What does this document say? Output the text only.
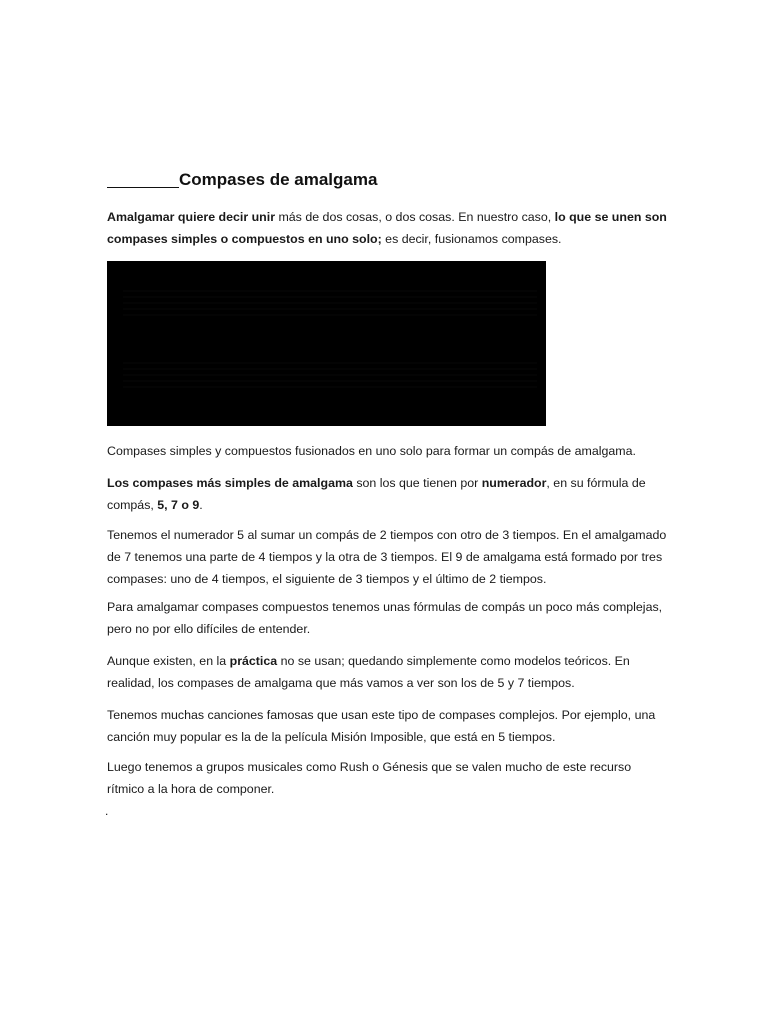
Compases de amalgama

Amalgamar quiere decir unir más de dos cosas, o dos cosas. En nuestro caso, lo que se unen son compases simples o compuestos en uno solo; es decir, fusionamos compases.

Compases simples y compuestos fusionados en uno solo para formar un compás de amalgama.

Los compases más simples de amalgama son los que tienen por numerador, en su fórmula de compás, 5, 7 o 9.

Tenemos el numerador 5 al sumar un compás de 2 tiempos con otro de 3 tiempos. En el amalgamado de 7 tenemos una parte de 4 tiempos y la otra de 3 tiempos. El 9 de amalgama está formado por tres compases: uno de 4 tiempos, el siguiente de 3 tiempos y el último de 2 tiempos.

Para amalgamar compases compuestos tenemos unas fórmulas de compás un poco más complejas, pero no por ello difíciles de entender.

Aunque existen, en la práctica no se usan; quedando simplemente como modelos teóricos. En realidad, los compases de amalgama que más vamos a ver son los de 5 y 7 tiempos.

Tenemos muchas canciones famosas que usan este tipo de compases complejos. Por ejemplo, una canción muy popular es la de la película Misión Imposible, que está en 5 tiempos.

Luego tenemos a grupos musicales como Rush o Génesis que se valen mucho de este recurso rítmico a la hora de componer.

.
